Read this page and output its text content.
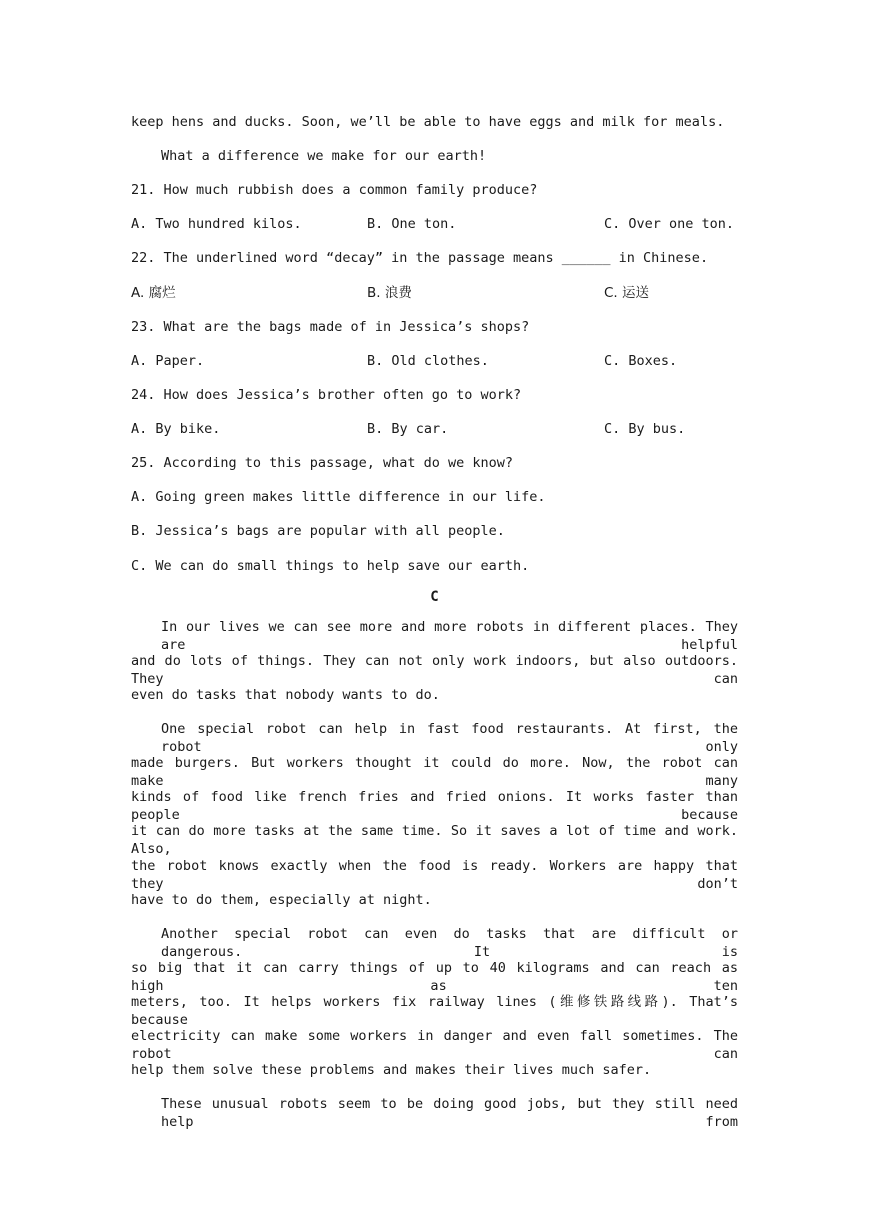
keep hens and ducks. Soon, we’ll be able to have eggs and milk for meals.
What a difference we make for our earth!
21. How much rubbish does a common family produce?
A. Two hundred kilos.	B. One ton.	C. Over one ton.
22. The underlined word “decay” in the passage means ______ in Chinese.
A. 腐烂	B. 浪费	C. 运送
23. What are the bags made of in Jessica’s shops?
A. Paper.	B. Old clothes.	C. Boxes.
24. How does Jessica’s brother often go to work?
A. By bike.	B. By car.	C. By bus.
25. According to this passage, what do we know?
A. Going green makes little difference in our life.
B. Jessica’s bags are popular with all people.
C. We can do small things to help save our earth.
C
In our lives we can see more and more robots in different places. They are helpful
and do lots of things. They can not only work indoors, but also outdoors. They can
even do tasks that nobody wants to do.
One special robot can help in fast food restaurants. At first, the robot only
made burgers. But workers thought it could do more. Now, the robot can make many
kinds of food like french fries and fried onions. It works faster than people because
it can do more tasks at the same time. So it saves a lot of time and work. Also,
the robot knows exactly when the food is ready. Workers are happy that they don’t
have to do them, especially at night.
Another special robot can even do tasks that are difficult or dangerous. It is
so big that it can carry things of up to 40 kilograms and can reach as high as ten
meters, too. It helps workers fix railway lines (维修铁路线路). That’s because
electricity can make some workers in danger and even fall sometimes. The robot can
help them solve these problems and makes their lives much safer.
These unusual robots seem to be doing good jobs, but they still need help from
